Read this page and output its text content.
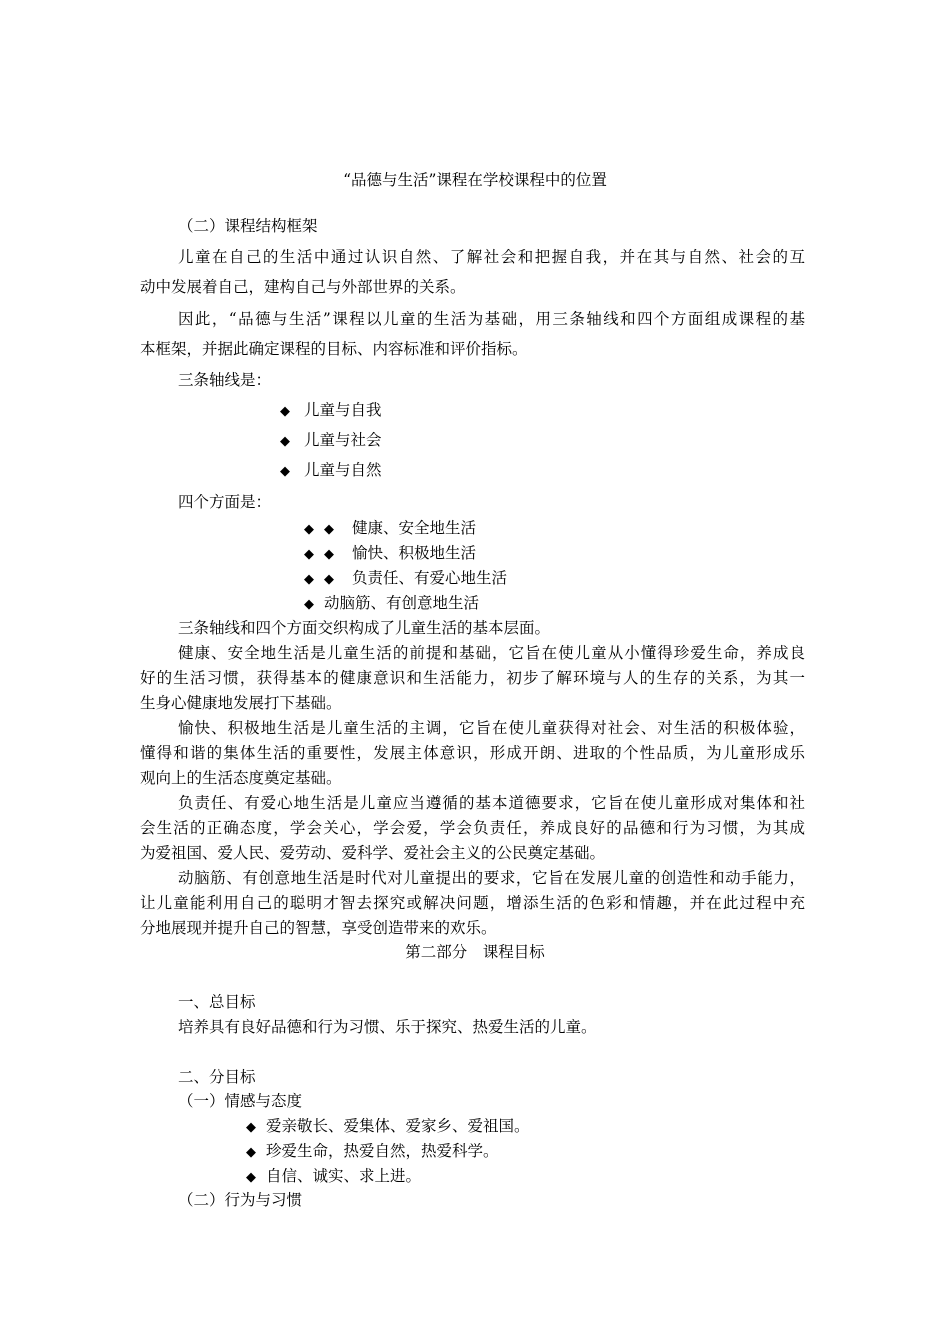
“品德与生活”课程在学校课程中的位置
（二）课程结构框架
儿童在自己的生活中通过认识自然、了解社会和把握自我，并在其与自然、社会的互
动中发展着自己，建构自己与外部世界的关系。
因此，“品德与生活”课程以儿童的生活为基础，用三条轴线和四个方面组成课程的基
本框架，并据此确定课程的目标、内容标准和评价指标。
三条轴线是：
◆ 儿童与自我
◆ 儿童与社会
◆ 儿童与自然
四个方面是：
◆ ◆ 健康、安全地生活
◆ ◆ 愉快、积极地生活
◆ ◆ 负责任、有爱心地生活
◆ 动脑筋、有创意地生活
三条轴线和四个方面交织构成了儿童生活的基本层面。
健康、安全地生活是儿童生活的前提和基础，它旨在使儿童从小懂得珍爱生命，养成良
好的生活习惯，获得基本的健康意识和生活能力，初步了解环境与人的生存的关系，为其一
生身心健康地发展打下基础。
愉快、积极地生活是儿童生活的主调，它旨在使儿童获得对社会、对生活的积极体验，
懂得和谐的集体生活的重要性，发展主体意识，形成开朗、进取的个性品质，为儿童形成乐
观向上的生活态度奠定基础。
负责任、有爱心地生活是儿童应当遵循的基本道德要求，它旨在使儿童形成对集体和社
会生活的正确态度，学会关心，学会爱，学会负责任，养成良好的品德和行为习惯，为其成
为爱祖国、爱人民、爱劳动、爱科学、爱社会主义的公民奠定基础。
动脑筋、有创意地生活是时代对儿童提出的要求，它旨在发展儿童的创造性和动手能力，
让儿童能利用自己的聪明才智去探究或解决问题，增添生活的色彩和情趣，并在此过程中充
分地展现并提升自己的智慧，享受创造带来的欢乐。
第二部分　课程目标
一、总目标
培养具有良好品德和行为习惯、乐于探究、热爱生活的儿童。
二、分目标
（一）情感与态度
◆ 爱亲敬长、爱集体、爱家乡、爱祖国。
◆ 珍爱生命，热爱自然，热爱科学。
◆ 自信、诚实、求上进。
（二）行为与习惯
